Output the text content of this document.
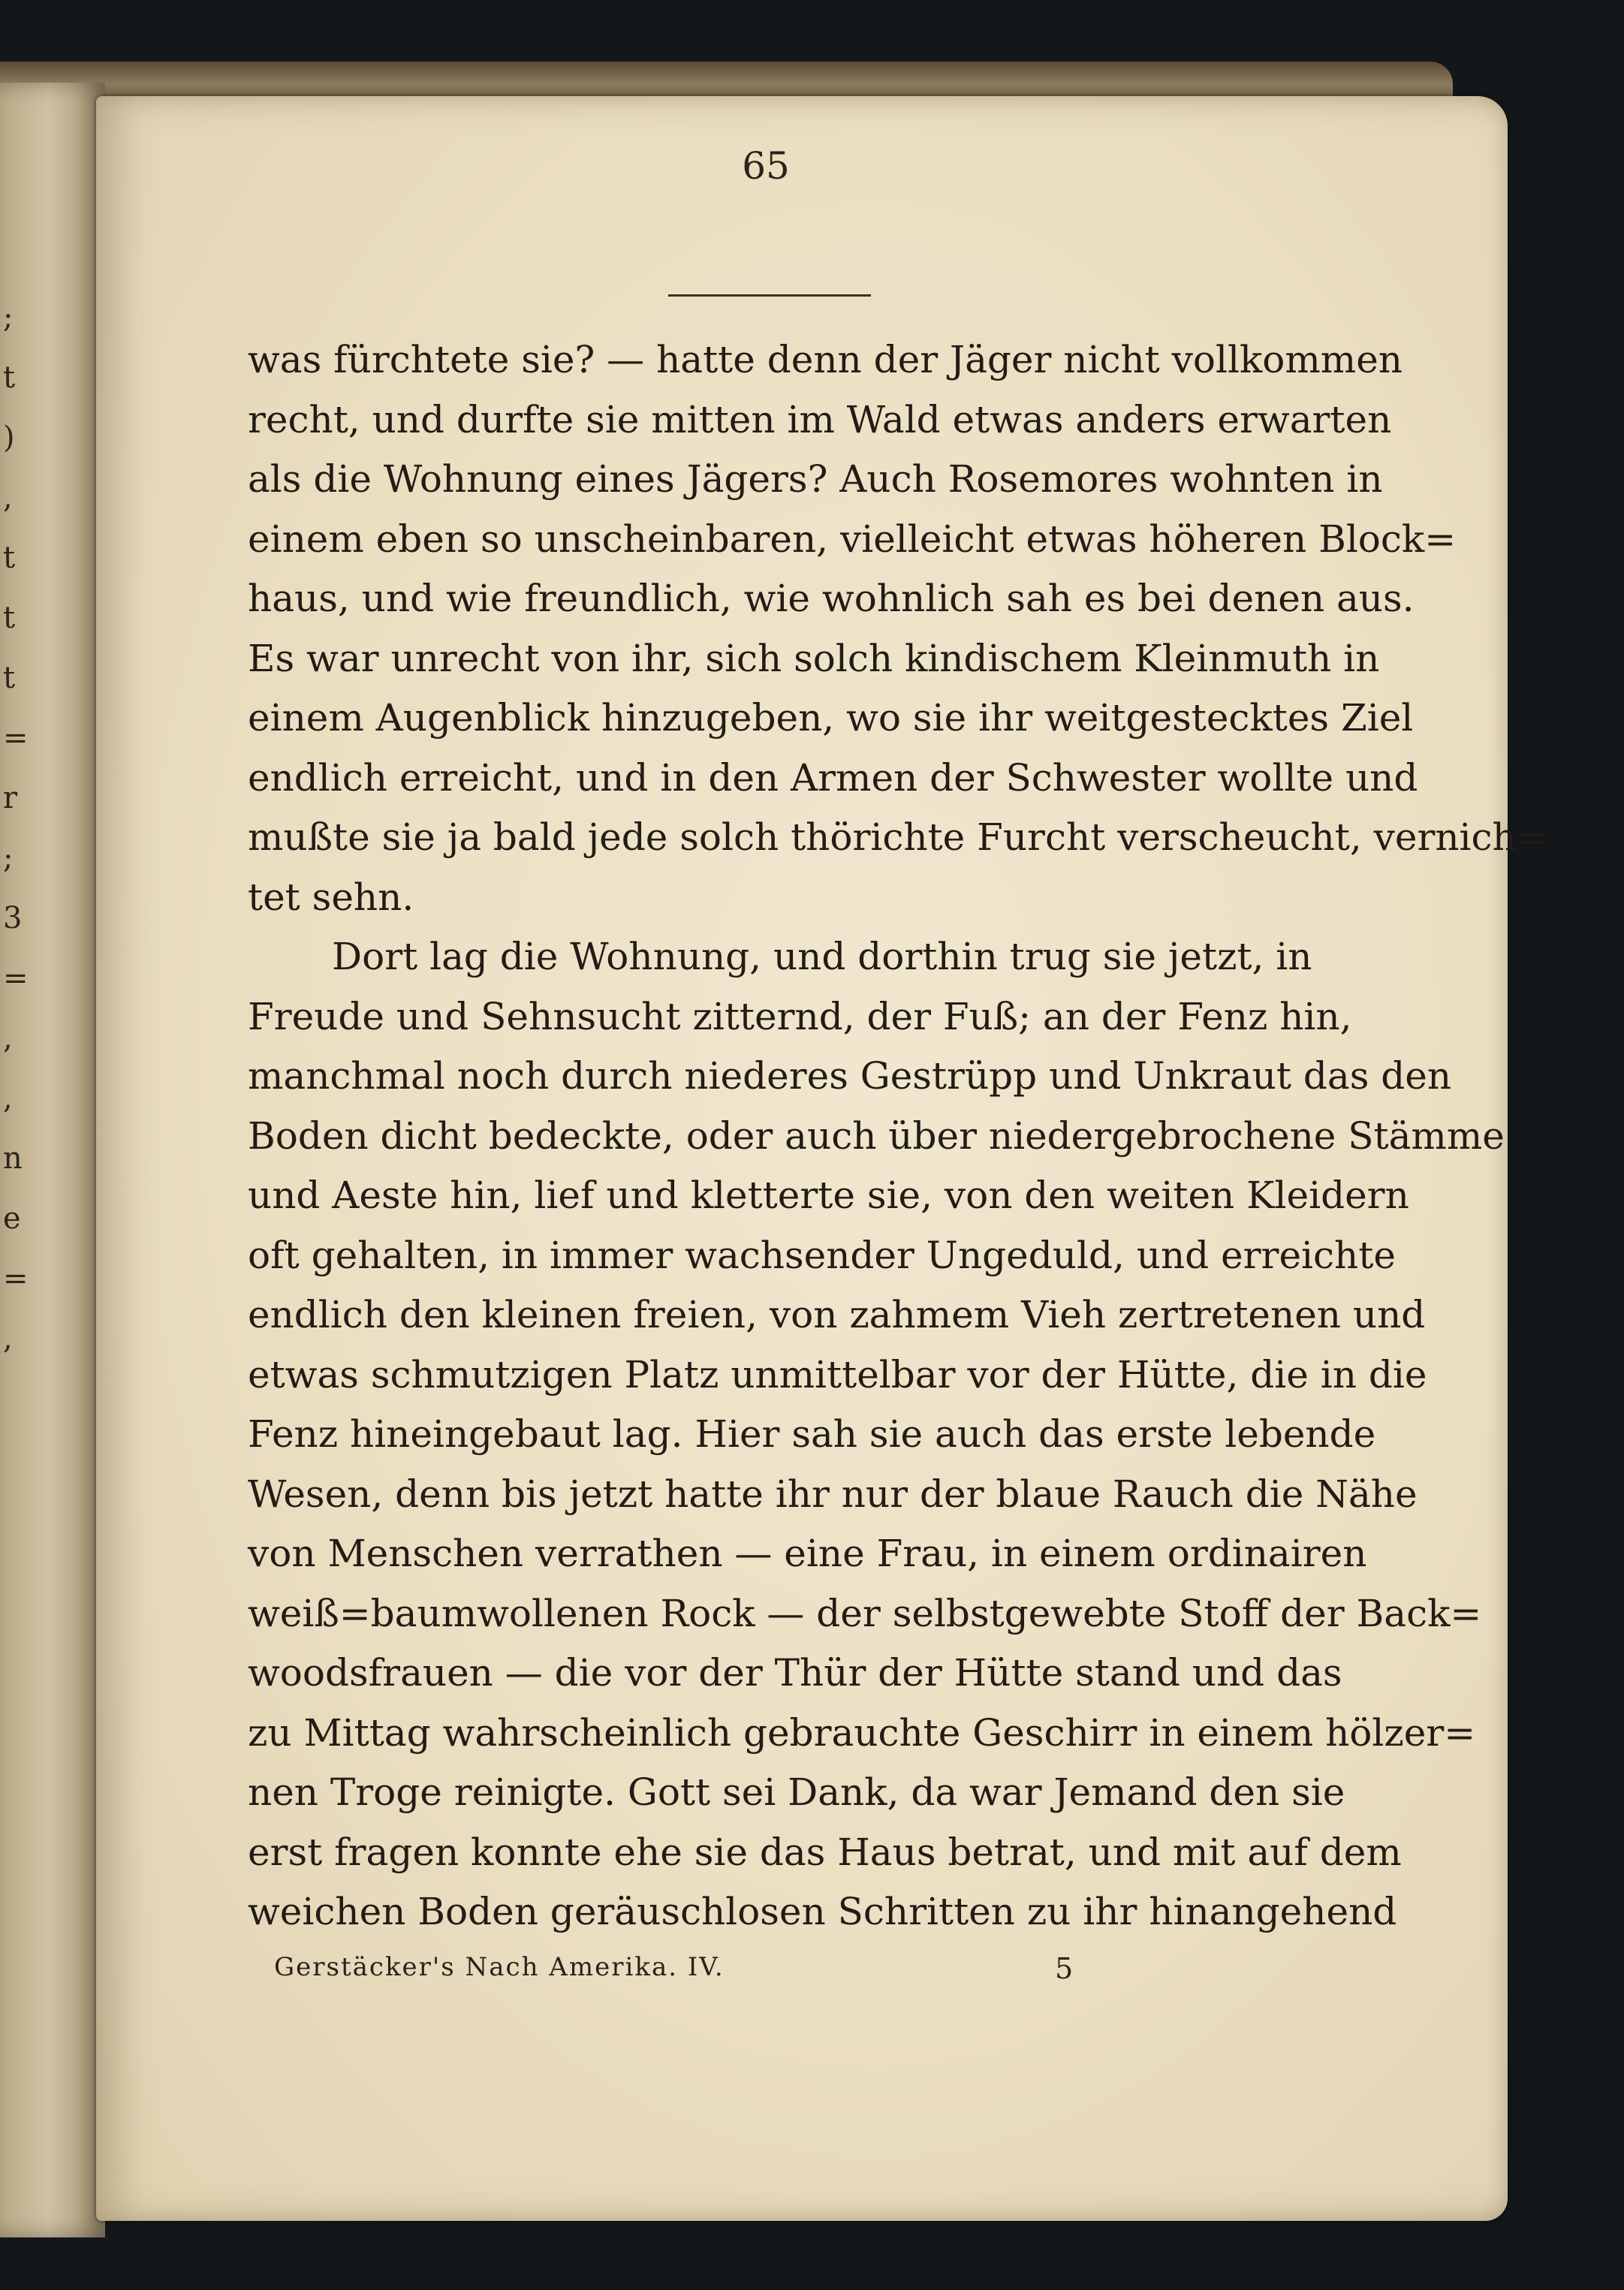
;
t
)
,
t
t
t
=
r
;
3
=
,
,
n
e
=
,
65
was fürchtete sie? — hatte denn der Jäger nicht vollkommen
recht, und durfte sie mitten im Wald etwas anders erwarten
als die Wohnung eines Jägers? Auch Rosemores wohnten in
einem eben so unscheinbaren, vielleicht etwas höheren Block=
haus, und wie freundlich, wie wohnlich sah es bei denen aus.
Es war unrecht von ihr, sich solch kindischem Kleinmuth in
einem Augenblick hinzugeben, wo sie ihr weitgestecktes Ziel
endlich erreicht, und in den Armen der Schwester wollte und
mußte sie ja bald jede solch thörichte Furcht verscheucht, vernich=
tet sehn.
Dort lag die Wohnung, und dorthin trug sie jetzt, in
Freude und Sehnsucht zitternd, der Fuß; an der Fenz hin,
manchmal noch durch niederes Gestrüpp und Unkraut das den
Boden dicht bedeckte, oder auch über niedergebrochene Stämme
und Aeste hin, lief und kletterte sie, von den weiten Kleidern
oft gehalten, in immer wachsender Ungeduld, und erreichte
endlich den kleinen freien, von zahmem Vieh zertretenen und
etwas schmutzigen Platz unmittelbar vor der Hütte, die in die
Fenz hineingebaut lag. Hier sah sie auch das erste lebende
Wesen, denn bis jetzt hatte ihr nur der blaue Rauch die Nähe
von Menschen verrathen — eine Frau, in einem ordinairen
weiß=baumwollenen Rock — der selbstgewebte Stoff der Back=
woodsfrauen — die vor der Thür der Hütte stand und das
zu Mittag wahrscheinlich gebrauchte Geschirr in einem hölzer=
nen Troge reinigte. Gott sei Dank, da war Jemand den sie
erst fragen konnte ehe sie das Haus betrat, und mit auf dem
weichen Boden geräuschlosen Schritten zu ihr hinangehend
Gerstäcker's Nach Amerika. IV.	5
